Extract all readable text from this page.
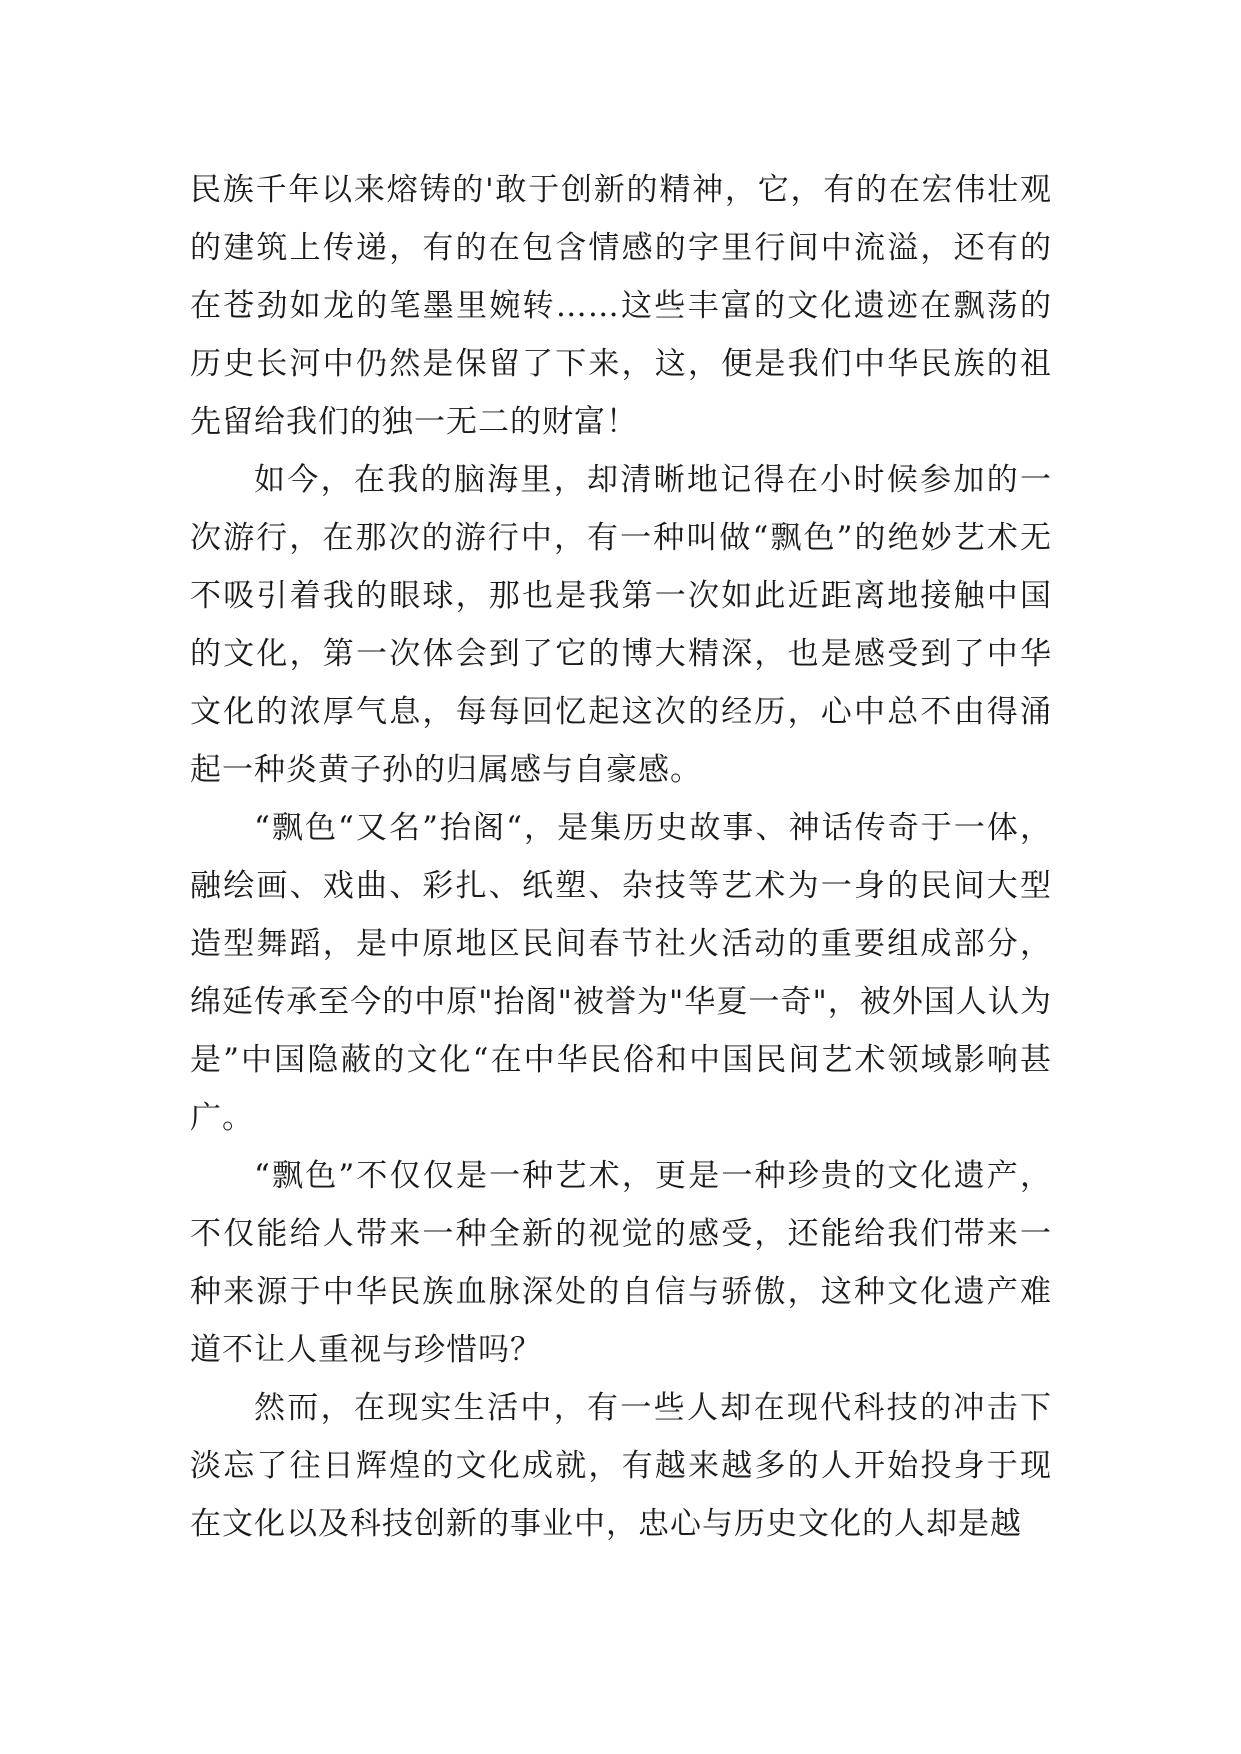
民族千年以来熔铸的'敢于创新的精神，它，有的在宏伟壮观的建筑上传递，有的在包含情感的字里行间中流溢，还有的在苍劲如龙的笔墨里婉转……这些丰富的文化遗迹在飘荡的历史长河中仍然是保留了下来，这，便是我们中华民族的祖先留给我们的独一无二的财富！

如今，在我的脑海里，却清晰地记得在小时候参加的一次游行，在那次的游行中，有一种叫做“飘色”的绝妙艺术无不吸引着我的眼球，那也是我第一次如此近距离地接触中国的文化，第一次体会到了它的博大精深，也是感受到了中华文化的浓厚气息，每每回忆起这次的经历，心中总不由得涌起一种炎黄子孙的归属感与自豪感。

“飘色“又名”抬阁“，是集历史故事、神话传奇于一体，融绘画、戏曲、彩扎、纸塑、杂技等艺术为一身的民间大型造型舞蹈，是中原地区民间春节社火活动的重要组成部分，绵延传承至今的中原"抬阁"被誉为"华夏一奇"，被外国人认为是”中国隐蔽的文化“在中华民俗和中国民间艺术领域影响甚广。

“飘色”不仅仅是一种艺术，更是一种珍贵的文化遗产，不仅能给人带来一种全新的视觉的感受，还能给我们带来一种来源于中华民族血脉深处的自信与骄傲，这种文化遗产难道不让人重视与珍惜吗？

然而，在现实生活中，有一些人却在现代科技的冲击下淡忘了往日辉煌的文化成就，有越来越多的人开始投身于现在文化以及科技创新的事业中，忠心与历史文化的人却是越
